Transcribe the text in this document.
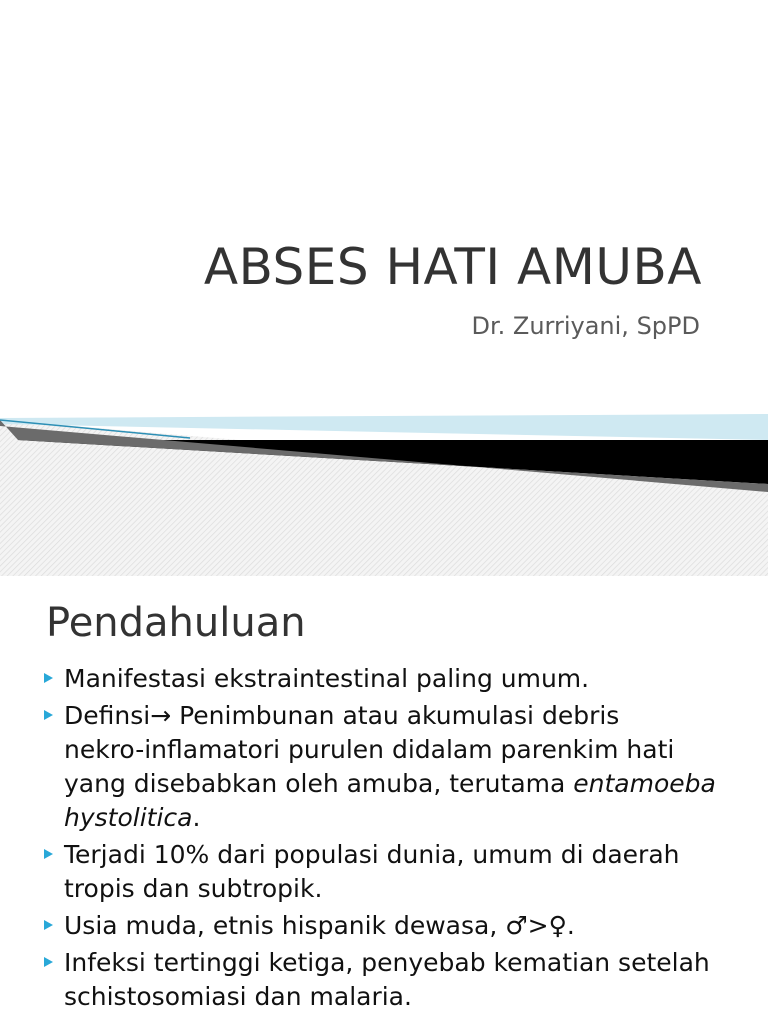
ABSES HATI AMUBA
Dr. Zurriyani, SpPD
Pendahuluan
Manifestasi ekstraintestinal paling umum.
Definsi→ Penimbunan atau akumulasi debris
nekro-inflamatori purulen didalam parenkim hati
yang disebabkan oleh amuba, terutama entamoeba
hystolitica.
Terjadi 10% dari populasi dunia, umum di daerah
tropis dan subtropik.
Usia muda, etnis hispanik dewasa, ♂>♀.
Infeksi tertinggi ketiga, penyebab kematian setelah
schistosomiasi dan malaria.
